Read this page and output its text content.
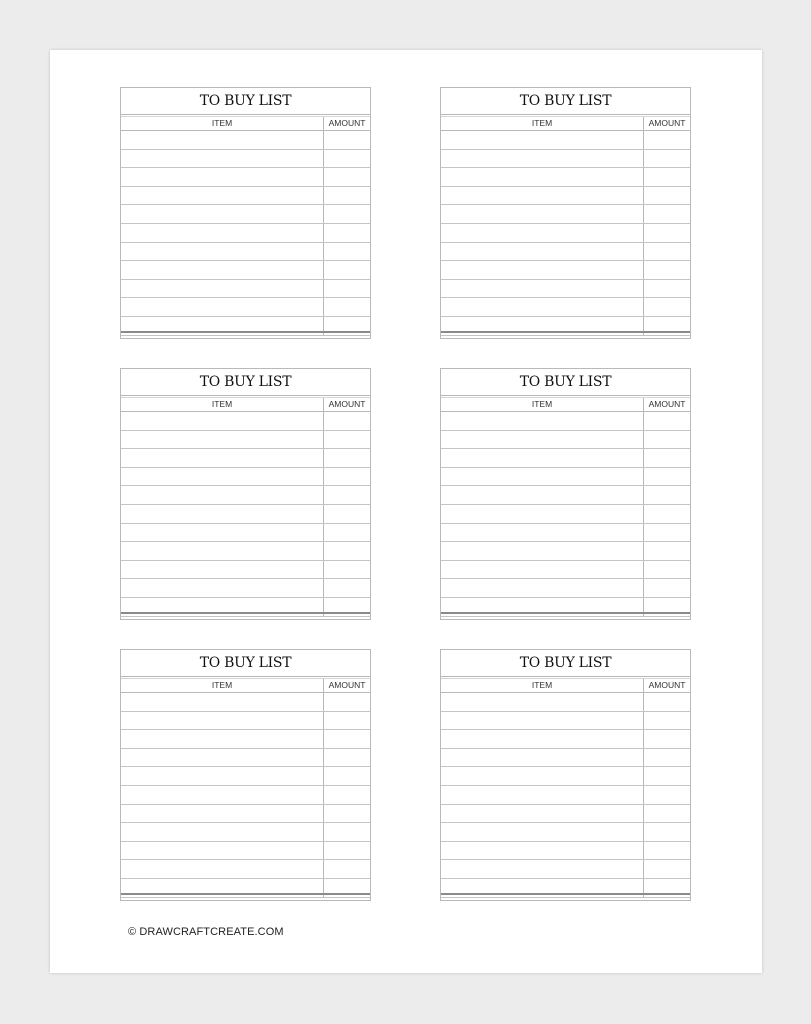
TO BUY LIST
ITEM	AMOUNT
TO BUY LIST
ITEM	AMOUNT
TO BUY LIST
ITEM	AMOUNT
TO BUY LIST
ITEM	AMOUNT
TO BUY LIST
ITEM	AMOUNT
TO BUY LIST
ITEM	AMOUNT
© DRAWCRAFTCREATE.COM
